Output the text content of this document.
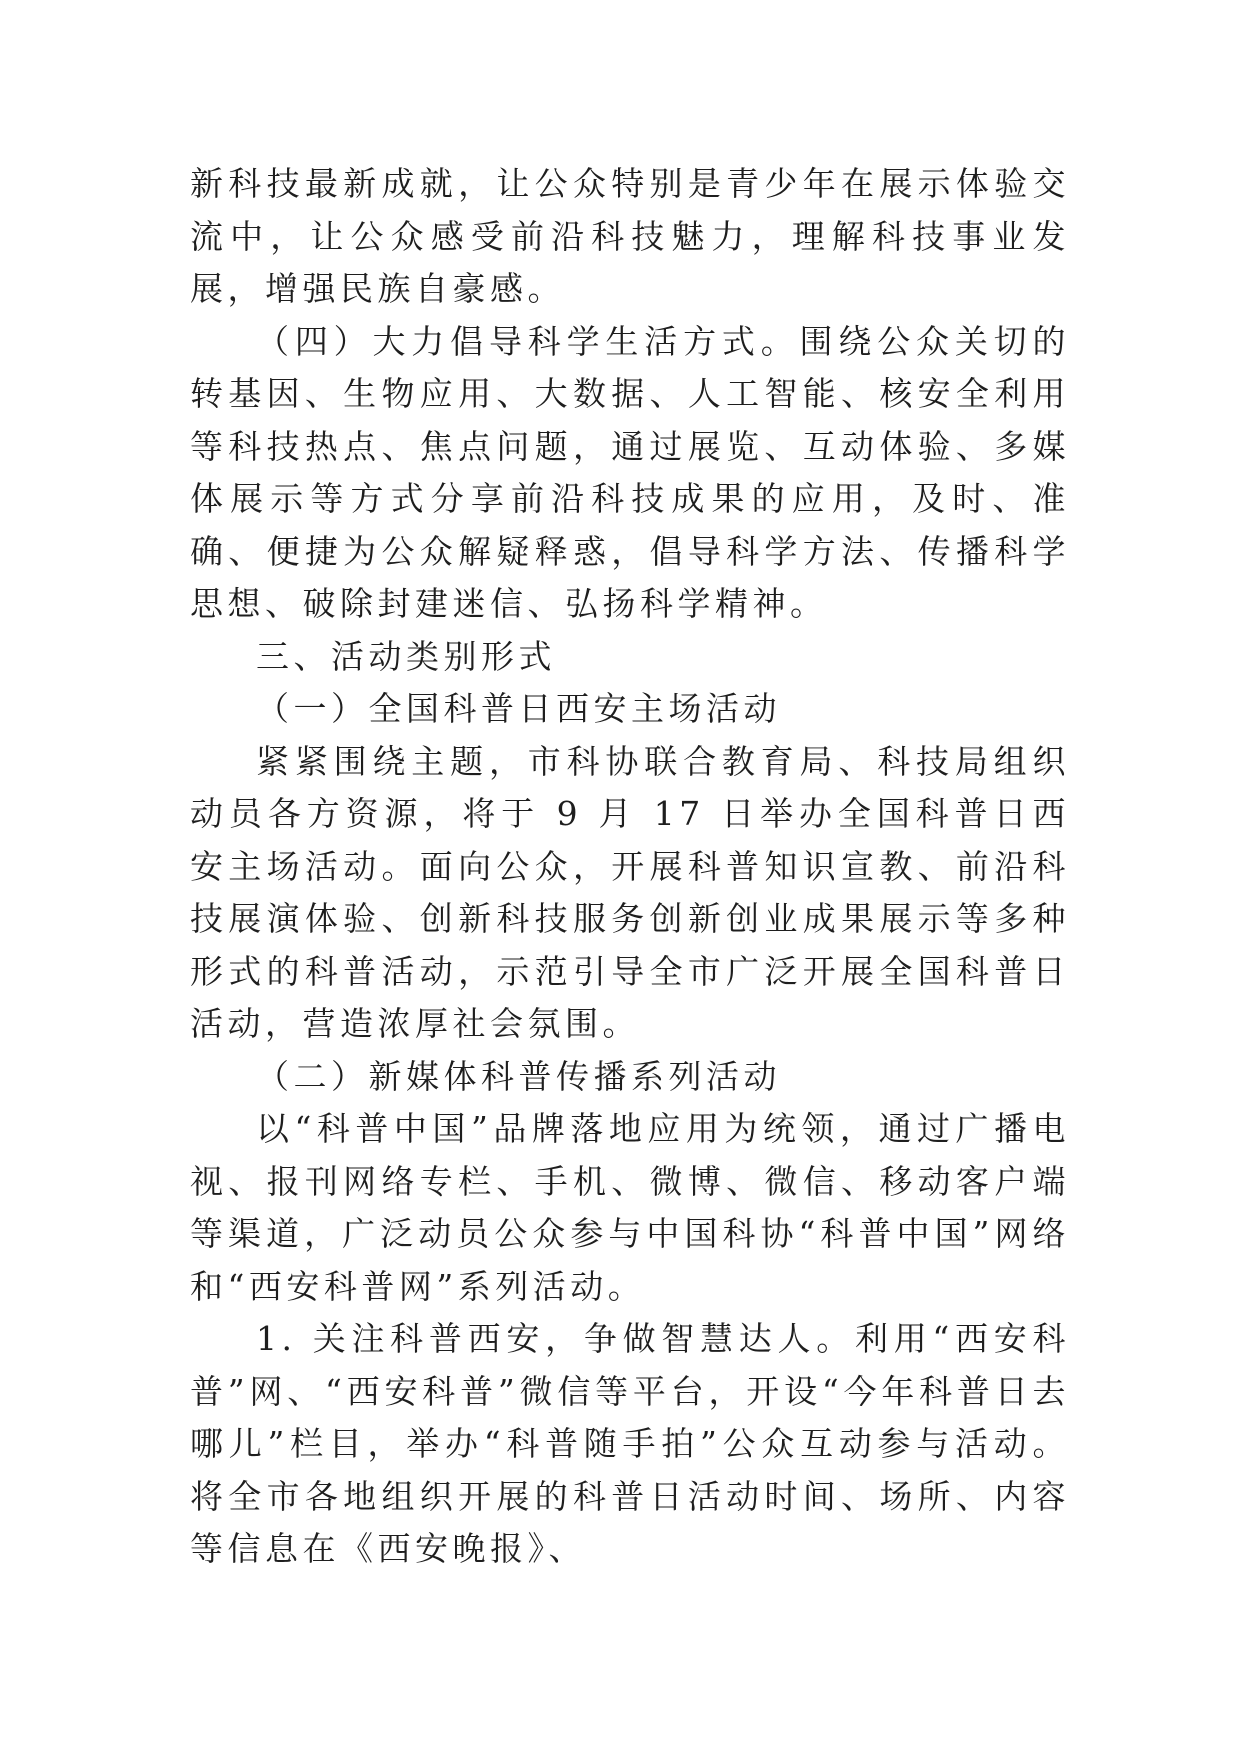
新科技最新成就，让公众特别是青少年在展示体验交流中，让公众感受前沿科技魅力，理解科技事业发展，增强民族自豪感。

（四）大力倡导科学生活方式。围绕公众关切的转基因、生物应用、大数据、人工智能、核安全利用等科技热点、焦点问题，通过展览、互动体验、多媒体展示等方式分享前沿科技成果的应用，及时、准确、便捷为公众解疑释惑，倡导科学方法、传播科学思想、破除封建迷信、弘扬科学精神。

三、活动类别形式

（一）全国科普日西安主场活动

紧紧围绕主题，市科协联合教育局、科技局组织动员各方资源，将于 9 月 17 日举办全国科普日西安主场活动。面向公众，开展科普知识宣教、前沿科技展演体验、创新科技服务创新创业成果展示等多种形式的科普活动，示范引导全市广泛开展全国科普日活动，营造浓厚社会氛围。

（二）新媒体科普传播系列活动

以“科普中国”品牌落地应用为统领，通过广播电视、报刊网络专栏、手机、微博、微信、移动客户端等渠道，广泛动员公众参与中国科协“科普中国”网络和“西安科普网”系列活动。

1. 关注科普西安，争做智慧达人。利用“西安科普”网、“西安科普”微信等平台，开设“今年科普日去哪儿”栏目，举办“科普随手拍”公众互动参与活动。将全市各地组织开展的科普日活动时间、场所、内容等信息在《西安晚报》、
